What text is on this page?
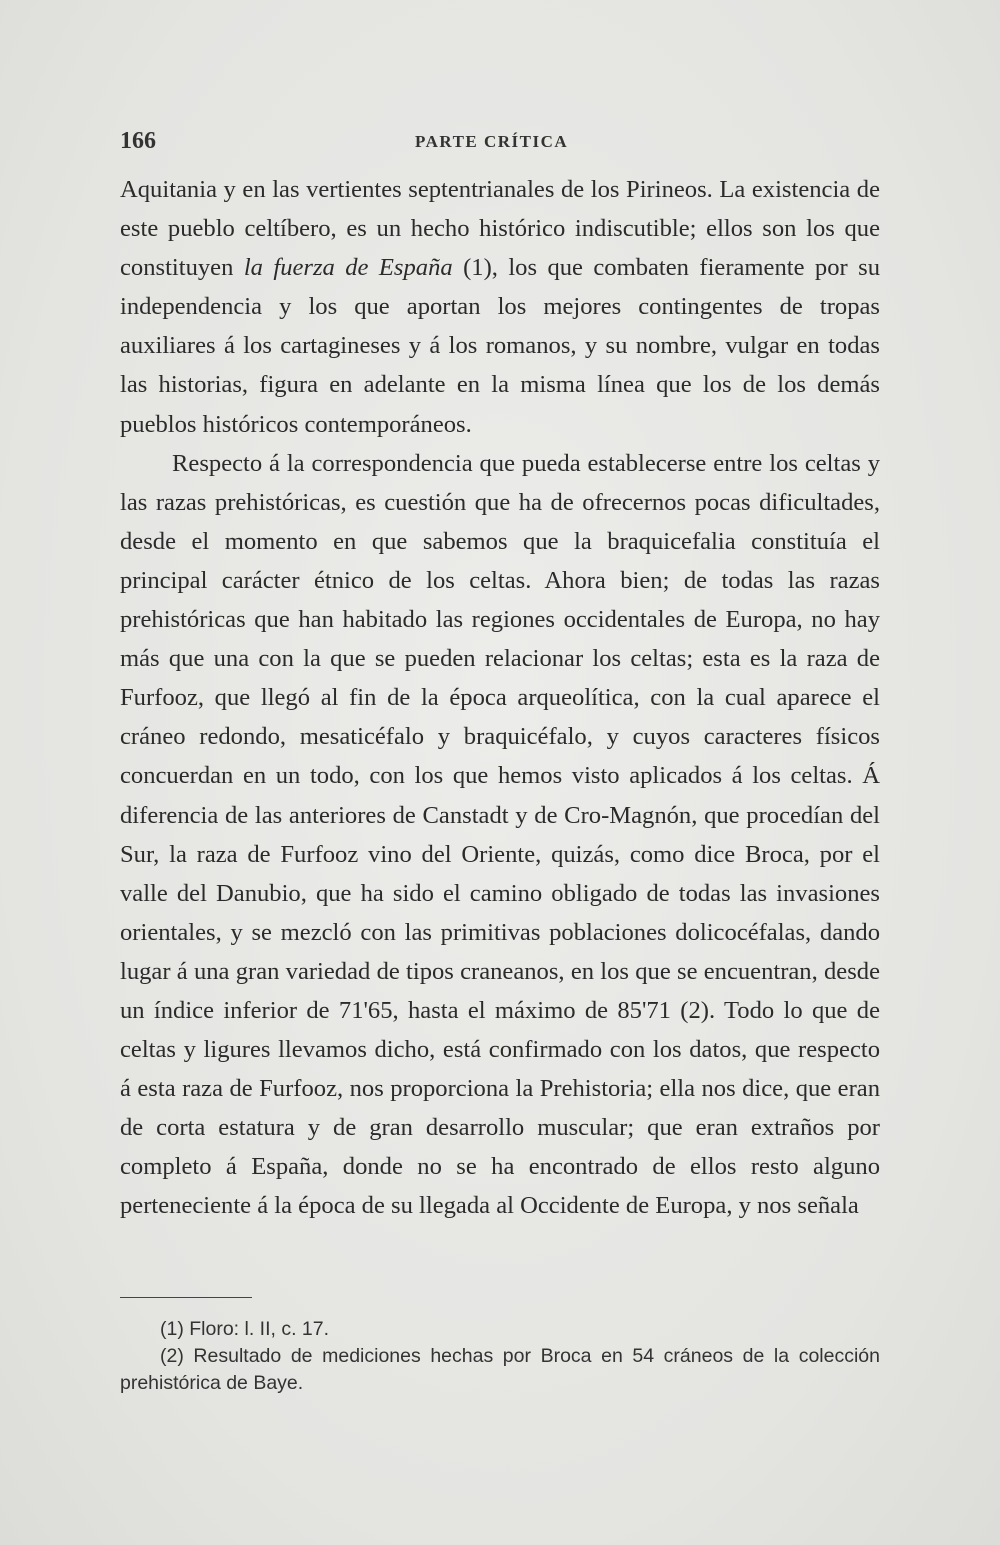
166	PARTE CRÍTICA

Aquitania y en las vertientes septentrianales de los Pirineos. La existencia de este pueblo celtíbero, es un hecho histórico indiscutible; ellos son los que constituyen la fuerza de España (1), los que combaten fieramente por su independencia y los que aportan los mejores contingentes de tropas auxiliares á los cartagineses y á los romanos, y su nombre, vulgar en todas las historias, figura en adelante en la misma línea que los de los demás pueblos históricos contemporáneos.

Respecto á la correspondencia que pueda establecerse entre los celtas y las razas prehistóricas, es cuestión que ha de ofrecernos pocas dificultades, desde el momento en que sabemos que la braquicefalia constituía el principal carácter étnico de los celtas. Ahora bien; de todas las razas prehistóricas que han habitado las regiones occidentales de Europa, no hay más que una con la que se pueden relacionar los celtas; esta es la raza de Furfooz, que llegó al fin de la época arqueolítica, con la cual aparece el cráneo redondo, mesaticéfalo y braquicéfalo, y cuyos caracteres físicos concuerdan en un todo, con los que hemos visto aplicados á los celtas. Á diferencia de las anteriores de Canstadt y de Cro-Magnón, que procedían del Sur, la raza de Furfooz vino del Oriente, quizás, como dice Broca, por el valle del Danubio, que ha sido el camino obligado de todas las invasiones orientales, y se mezcló con las primitivas poblaciones dolicocéfalas, dando lugar á una gran variedad de tipos craneanos, en los que se encuentran, desde un índice inferior de 71'65, hasta el máximo de 85'71 (2). Todo lo que de celtas y ligures llevamos dicho, está confirmado con los datos, que respecto á esta raza de Furfooz, nos proporciona la Prehistoria; ella nos dice, que eran de corta estatura y de gran desarrollo muscular; que eran extraños por completo á España, donde no se ha encontrado de ellos resto alguno perteneciente á la época de su llegada al Occidente de Europa, y nos señala

(1) Floro: l. II, c. 17.

(2) Resultado de mediciones hechas por Broca en 54 cráneos de la colección prehistórica de Baye.
